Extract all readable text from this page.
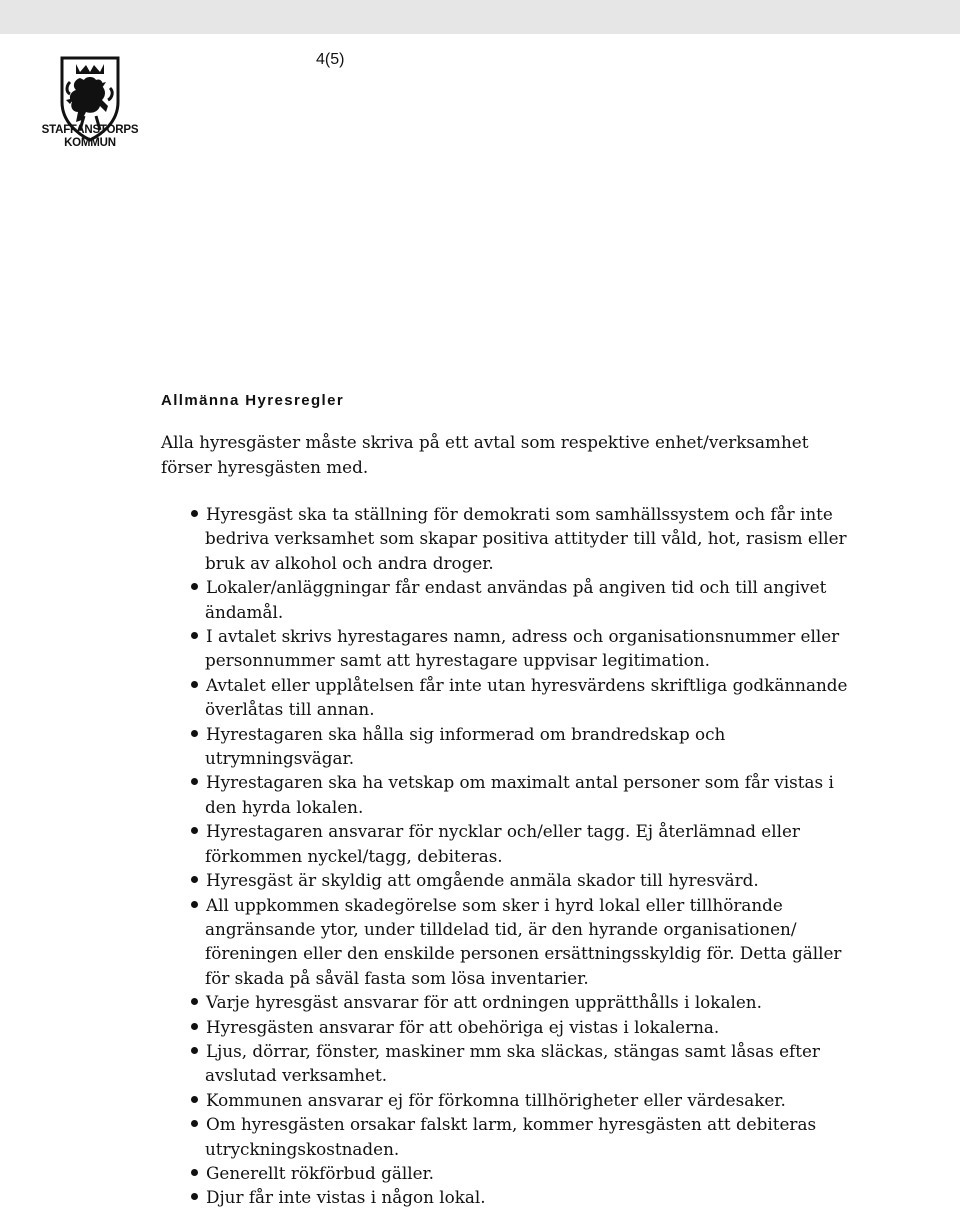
STAFFANSTORPS
KOMMUN
4(5)
Allmänna Hyresregler
Alla hyresgäster måste skriva på ett avtal som respektive enhet/verksamhet förser hyresgästen med.
Hyresgäst ska ta ställning för demokrati som samhällssystem och får inte bedriva verksamhet som skapar positiva attityder till våld, hot, rasism eller bruk av alkohol och andra droger.
Lokaler/anläggningar får endast användas på angiven tid och till angivet ändamål.
I avtalet skrivs hyrestagares namn, adress och organisationsnummer eller personnummer samt att hyrestagare uppvisar legitimation.
Avtalet eller upplåtelsen får inte utan hyresvärdens skriftliga godkännande överlåtas till annan.
Hyrestagaren ska hålla sig informerad om brandredskap och utrymningsvägar.
Hyrestagaren ska ha vetskap om maximalt antal personer som får vistas i den hyrda lokalen.
Hyrestagaren ansvarar för nycklar och/eller tagg. Ej återlämnad eller förkommen nyckel/tagg, debiteras.
Hyresgäst är skyldig att omgående anmäla skador till hyresvärd.
All uppkommen skadegörelse som sker i hyrd lokal eller tillhörande angränsande ytor, under tilldelad tid, är den hyrande organisationen/ föreningen eller den enskilde personen ersättningsskyldig för. Detta gäller för skada på såväl fasta som lösa inventarier.
Varje hyresgäst ansvarar för att ordningen upprätthålls i lokalen.
Hyresgästen ansvarar för att obehöriga ej vistas i lokalerna.
Ljus, dörrar, fönster, maskiner mm ska släckas, stängas samt låsas efter avslutad verksamhet.
Kommunen ansvarar ej för förkomna tillhörigheter eller värdesaker.
Om hyresgästen orsakar falskt larm, kommer hyresgästen att debiteras utryckningskostnaden.
Generellt rökförbud gäller.
Djur får inte vistas i någon lokal.
